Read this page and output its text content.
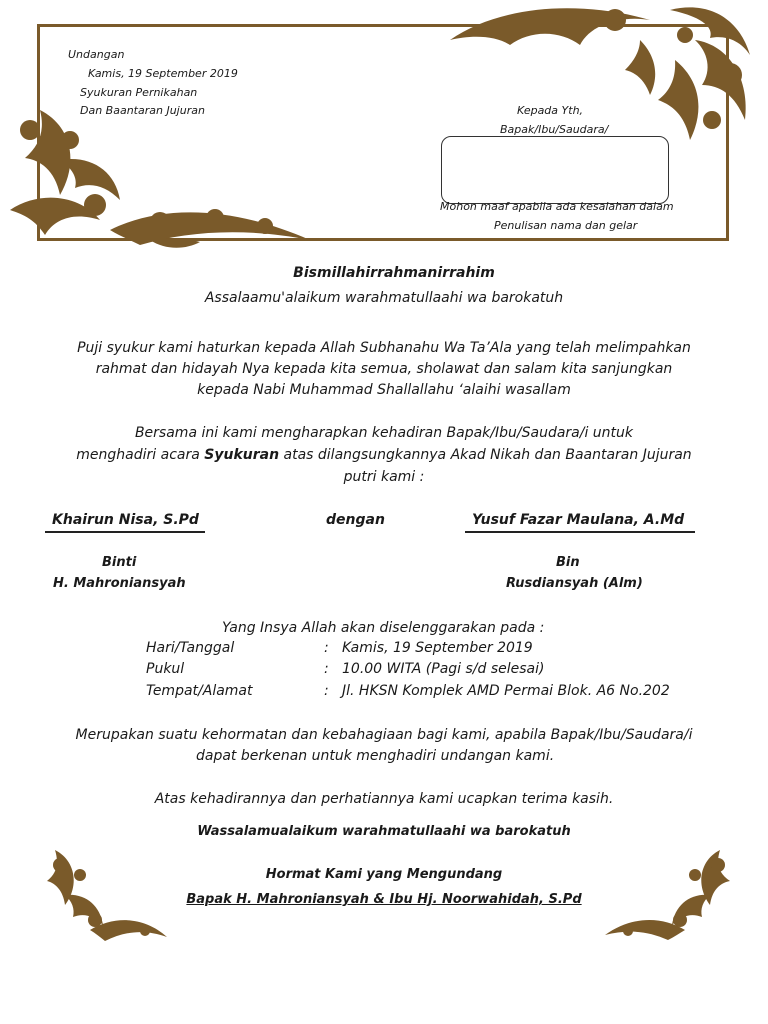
Undangan
Kamis, 19 September 2019
Syukuran Pernikahan
Dan Baantaran Jujuran	Kepada Yth,
Bapak/Ibu/Saudara/
Mohon maaf apabila ada kesalahan dalam
Penulisan nama dan gelar
Bismillahirrahmanirrahim
Assalaamu'alaikum warahmatullaahi wa barokatuh
Puji syukur kami haturkan kepada Allah Subhanahu Wa Ta’Ala yang telah melimpahkan
rahmat dan hidayah Nya kepada kita semua, sholawat dan salam kita sanjungkan
kepada Nabi Muhammad Shallallahu ‘alaihi wasallam
Bersama ini kami mengharapkan kehadiran Bapak/Ibu/Saudara/i untuk
menghadiri acara Syukuran atas dilangsungkannya Akad Nikah dan Baantaran Jujuran
putri kami :
Khairun Nisa, S.Pd	dengan	Yusuf Fazar Maulana, A.Md
Binti
H. Mahroniansyah
Bin
Rusdiansyah (Alm)
Yang Insya Allah akan diselenggarakan pada :
Hari/Tanggal	: Kamis, 19 September 2019
Pukul	: 10.00 WITA (Pagi s/d selesai)
Tempat/Alamat	: Jl. HKSN Komplek AMD Permai Blok. A6 No.202
Merupakan suatu kehormatan dan kebahagiaan bagi kami, apabila Bapak/Ibu/Saudara/i
dapat berkenan untuk menghadiri undangan kami.
Atas kehadirannya dan perhatiannya kami ucapkan terima kasih.
Wassalamualaikum warahmatullaahi wa barokatuh
Hormat Kami yang Mengundang
Bapak H. Mahroniansyah & Ibu Hj. Noorwahidah, S.Pd
